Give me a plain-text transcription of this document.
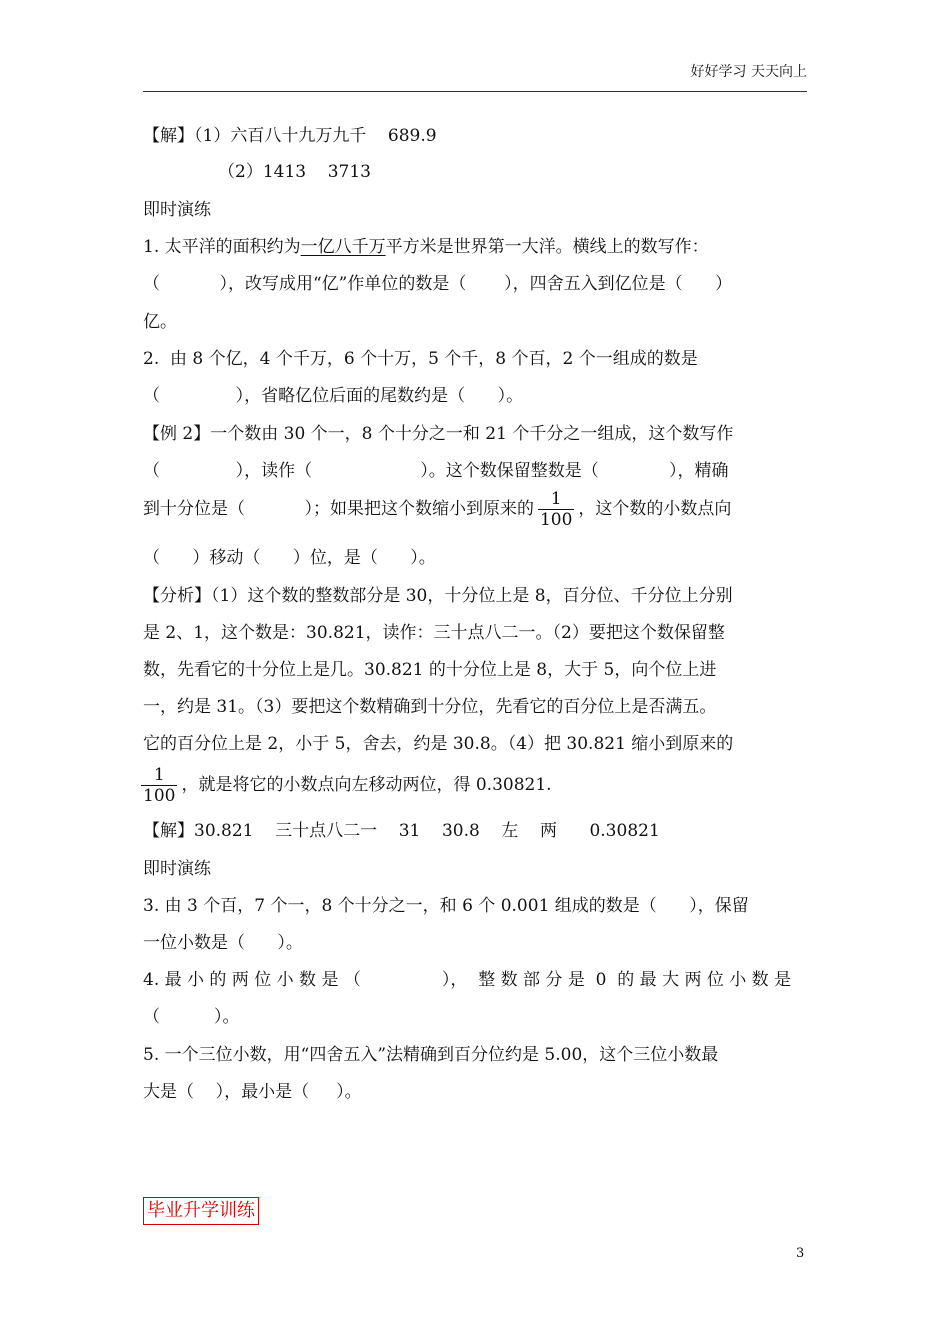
好好学习 天天向上
【解】（1）六百八十九万九千    689.9
（2）1413    3713
即时演练
1. 太平洋的面积约为一亿八千万平方米是世界第一大洋。横线上的数写作：
（           ），改写成用“亿”作单位的数是（       ），四舍五入到亿位是（      ）
亿。
2.  由 8 个亿，4 个千万，6 个十万，5 个千，8 个百，2 个一组成的数是
（              ），省略亿位后面的尾数约是（      ）。
【例 2】一个数由 30 个一，8 个十分之一和 21 个千分之一组成，这个数写作
（              ），读作（                    ）。这个数保留整数是（             ），精确
到十分位是（           ）；如果把这个数缩小到原来的 $\frac{1}{100}$ ，这个数的小数点向
（      ）移动（      ）位，是（      ）。
【分析】（1）这个数的整数部分是 30，十分位上是 8，百分位、千分位上分别
是 2、1，这个数是：30.821，读作：三十点八二一。（2）要把这个数保留整
数，先看它的十分位上是几。30.821 的十分位上是 8，大于 5，向个位上进
一，约是 31。（3）要把这个数精确到十分位，先看它的百分位上是否满五。
它的百分位上是 2，小于 5，舍去，约是 30.8。（4）把 30.821 缩小到原来的
$\frac{1}{100}$ ，就是将它的小数点向左移动两位，得 0.30821.
【解】30.821    三十点八二一    31    30.8    左    两      0.30821
即时演练
3. 由 3 个百，7 个一，8 个十分之一，和 6 个 0.001 组成的数是（      ），保留
一位小数是（      ）。
4. 最 小 的 两 位 小 数 是 （               ），  整 数 部 分 是  0  的 最 大 两 位 小 数 是
（          ）。
5. 一个三位小数，用“四舍五入”法精确到百分位约是 5.00，这个三位小数最
大是（    ），最小是（     ）。
毕业升学训练
3
